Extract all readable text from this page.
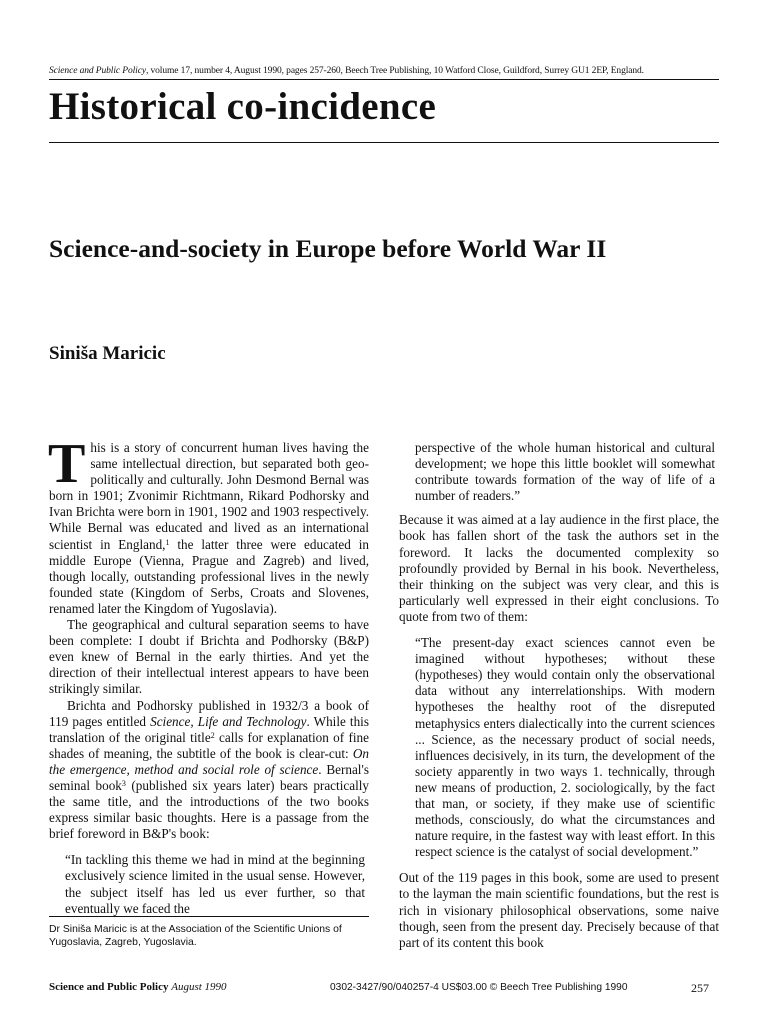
Science and Public Policy, volume 17, number 4, August 1990, pages 257-260, Beech Tree Publishing, 10 Watford Close, Guildford, Surrey GU1 2EP, England.
Historical co-incidence
Science-and-society in Europe before World War II
Siniša Maricic

This is a story of concurrent human lives having the same intellectual direction, but separated both geo-politically and culturally. John Desmond Bernal was born in 1901; Zvonimir Richtmann, Rikard Podhorsky and Ivan Brichta were born in 1901, 1902 and 1903 respectively. While Bernal was educated and lived as an international scientist in England,$^1$ the latter three were educated in middle Europe (Vienna, Prague and Zagreb) and lived, though locally, outstanding professional lives in the newly founded state (Kingdom of Serbs, Croats and Slovenes, renamed later the Kingdom of Yugoslavia).

The geographical and cultural separation seems to have been complete: I doubt if Brichta and Podhorsky (B&P) even knew of Bernal in the early thirties. And yet the direction of their intellectual interest appears to have been strikingly similar.

Brichta and Podhorsky published in 1932/3 a book of 119 pages entitled Science, Life and Technology. While this translation of the original title$^2$ calls for explanation of fine shades of meaning, the subtitle of the book is clear-cut: On the emergence, method and social role of science. Bernal's seminal book$^3$ (published six years later) bears practically the same title, and the introductions of the two books express similar basic thoughts. Here is a passage from the brief foreword in B&P's book:

“In tackling this theme we had in mind at the beginning exclusively science limited in the usual sense. However, the subject itself has led us ever further, so that eventually we faced the

perspective of the whole human historical and cultural development; we hope this little booklet will somewhat contribute towards formation of the way of life of a number of readers.”

Because it was aimed at a lay audience in the first place, the book has fallen short of the task the authors set in the foreword. It lacks the documented complexity so profoundly provided by Bernal in his book. Nevertheless, their thinking on the subject was very clear, and this is particularly well expressed in their eight conclusions. To quote from two of them:

“The present-day exact sciences cannot even be imagined without hypotheses; without these (hypotheses) they would contain only the observational data without any interrelationships. With modern hypotheses the healthy root of the disreputed metaphysics enters dialectically into the current sciences ... Science, as the necessary product of social needs, influences decisively, in its turn, the development of the society apparently in two ways 1. technically, through new means of production, 2. sociologically, by the fact that man, or society, if they make use of scientific methods, consciously, do what the circumstances and nature require, in the fastest way with least effort. In this respect science is the catalyst of social development.”

Out of the 119 pages in this book, some are used to present to the layman the main scientific foundations, but the rest is rich in visionary philosophical observations, some naive though, seen from the present day. Precisely because of that part of its content this book

Dr Siniša Maricic is at the Association of the Scientific Unions of Yugoslavia, Zagreb, Yugoslavia.
Science and Public Policy August 1990	0302-3427/90/040257-4 US$03.00 © Beech Tree Publishing 1990	257
